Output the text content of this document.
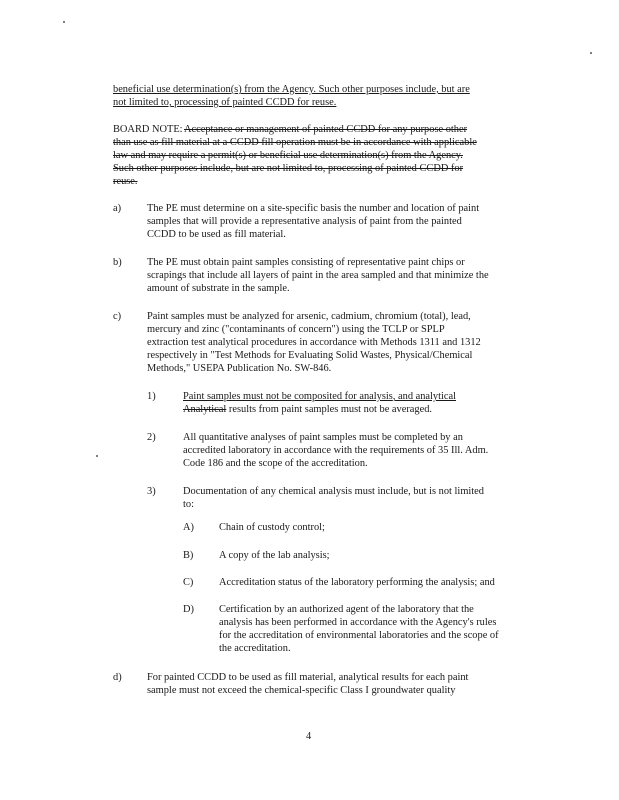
beneficial use determination(s) from the Agency. Such other purposes include, but are
not limited to, processing of painted CCDD for reuse.
BOARD NOTE: Acceptance or management of painted CCDD for any purpose other
than use as fill material at a CCDD fill operation must be in accordance with applicable
law and may require a permit(s) or beneficial use determination(s) from the Agency.
Such other purposes include, but are not limited to, processing of painted CCDD for
reuse.
a) The PE must determine on a site-specific basis the number and location of paint
samples that will provide a representative analysis of paint from the painted
CCDD to be used as fill material.
b) The PE must obtain paint samples consisting of representative paint chips or
scrapings that include all layers of paint in the area sampled and that minimize the
amount of substrate in the sample.
c) Paint samples must be analyzed for arsenic, cadmium, chromium (total), lead,
mercury and zinc ("contaminants of concern") using the TCLP or SPLP
extraction test analytical procedures in accordance with Methods 1311 and 1312
respectively in "Test Methods for Evaluating Solid Wastes, Physical/Chemical
Methods," USEPA Publication No. SW-846.
1)	Paint samples must not be composited for analysis, and analytical
Analytical results from paint samples must not be averaged.
2)	All quantitative analyses of paint samples must be completed by an
accredited laboratory in accordance with the requirements of 35 Ill. Adm.
Code 186 and the scope of the accreditation.
3)	Documentation of any chemical analysis must include, but is not limited
to:
A) Chain of custody control;
B) A copy of the lab analysis;
C) Accreditation status of the laboratory performing the analysis; and
D) Certification by an authorized agent of the laboratory that the
analysis has been performed in accordance with the Agency's rules
for the accreditation of environmental laboratories and the scope of
the accreditation.
d) For painted CCDD to be used as fill material, analytical results for each paint
sample must not exceed the chemical-specific Class I groundwater quality
4
